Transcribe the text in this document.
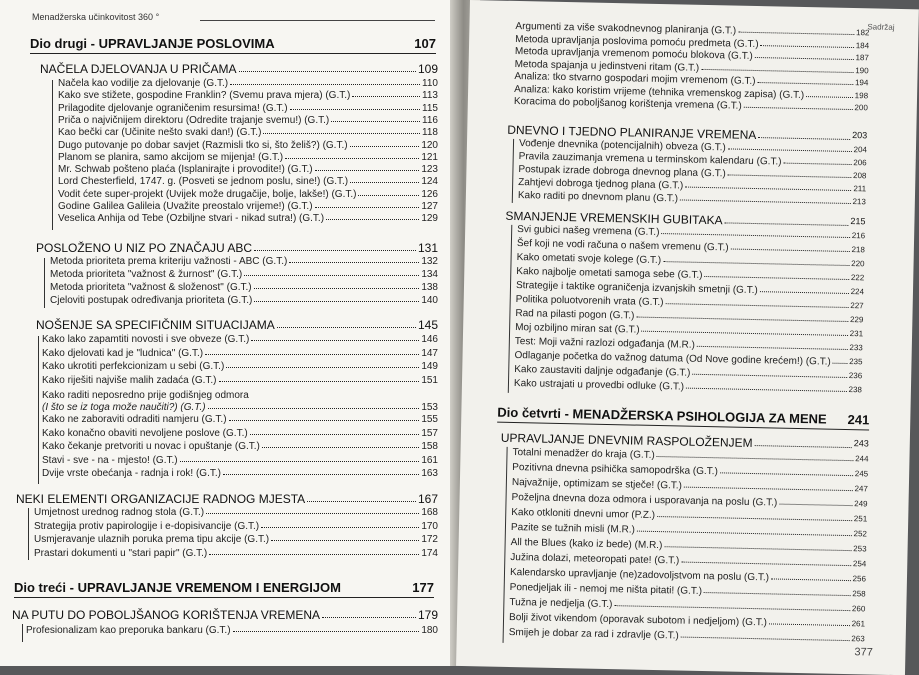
Menadžerska učinkovitost 360 °
Dio drugi - UPRAVLJANJE POSLOVIMA	107
NAČELA DJELOVANJA U PRIČAMA	109
Načela kao vodilje za djelovanje (G.T.)	110
Kako sve stižete, gospodine Franklin? (Svemu prava mjera) (G.T.)	113
Prilagodite djelovanje ograničenim resursima! (G.T.)	115
Priča o najvičnijem direktoru (Odredite trajanje svemu!) (G.T.)	116
Kao bečki car (Učinite nešto svaki dan!) (G.T.)	118
Dugo putovanje po dobar savjet (Razmisli tko si, što želiš?) (G.T.)	120
Planom se planira, samo akcijom se mijenja! (G.T.)	121
Mr. Schwab pošteno plaća (Isplanirajte i provodite!) (G.T.)	123
Lord Chesterfield, 1747. g. (Posveti se jednom poslu, sine!) (G.T.)	124
Vodit ćete super-projekt (Uvijek može drugačije, bolje, lakše!) (G.T.)	126
Godine Galilea Galileia (Uvažite preostalo vrijeme!) (G.T.)	127
Veselica Anhija od Tebe (Ozbiljne stvari - nikad sutra!) (G.T.)	129
POSLOŽENO U NIZ PO ZNAČAJU ABC	131
Metoda prioriteta prema kriteriju važnosti - ABC (G.T.)	132
Metoda prioriteta "važnost & žurnost" (G.T.)	134
Metoda prioriteta "važnost & složenost" (G.T.)	138
Cjeloviti postupak određivanja prioriteta (G.T.)	140
NOŠENJE SA SPECIFIČNIM SITUACIJAMA	145
Kako lako zapamtiti novosti i sve obveze (G.T.)	146
Kako djelovati kad je "ludnica" (G.T.)	147
Kako ukrotiti perfekcionizam u sebi (G.T.)	149
Kako riješiti najviše malih zadaća (G.T.)	151
Kako raditi neposredno prije godišnjeg odmora
(I što se iz toga može naučiti?) (G.T.)	153
Kako ne zaboraviti odraditi namjeru (G.T.)	155
Kako konačno obaviti nevoljene poslove (G.T.)	157
Kako čekanje pretvoriti u novac i opuštanje (G.T.)	158
Stavi - sve - na - mjesto! (G.T.)	161
Dvije vrste obećanja - radnja i rok! (G.T.)	163
NEKI ELEMENTI ORGANIZACIJE RADNOG MJESTA	167
Umjetnost urednog radnog stola (G.T.)	168
Strategija protiv papirologije i e-dopisivancije (G.T.)	170
Usmjeravanje ulaznih poruka prema tipu akcije (G.T.)	172
Prastari dokumenti u "stari papir" (G.T.)	174
Dio treći - UPRAVLJANJE VREMENOM I ENERGIJOM	177
NA PUTU DO POBOLJŠANOG KORIŠTENJA VREMENA	179
Profesionalizam kao preporuka bankaru (G.T.)	180
Sadržaj
Argumenti za više svakodnevnog planiranja (G.T.)	182
Metoda upravljanja poslovima pomoću predmeta (G.T.)	184
Metoda upravljanja vremenom pomoću blokova (G.T.)	187
Metoda spajanja u jedinstveni ritam (G.T.)	190
Analiza: tko stvarno gospodari mojim vremenom (G.T.)	194
Analiza: kako koristim vrijeme (tehnika vremenskog zapisa) (G.T.)	198
Koracima do poboljšanog korištenja vremena (G.T.)	200
DNEVNO I TJEDNO PLANIRANJE VREMENA	203
Vođenje dnevnika (potencijalnih) obveza (G.T.)	204
Pravila zauzimanja vremena u terminskom kalendaru (G.T.)	206
Postupak izrade dobroga dnevnog plana (G.T.)	208
Zahtjevi dobroga tjednog plana (G.T.)	211
Kako raditi po dnevnom planu (G.T.)	213
SMANJENJE VREMENSKIH GUBITAKA	215
Svi gubici našeg vremena (G.T.)	216
Šef koji ne vodi računa o našem vremenu (G.T.)	218
Kako ometati svoje kolege (G.T.)	220
Kako najbolje ometati samoga sebe (G.T.)	222
Strategije i taktike ograničenja izvanjskih smetnji (G.T.)	224
Politika poluotvorenih vrata (G.T.)	227
Rad na pilasti pogon (G.T.)	229
Moj ozbiljno miran sat (G.T.)	231
Test: Moji važni razlozi odgađanja (M.R.)	233
Odlaganje početka do važnog datuma (Od Nove godine krećem!) (G.T.) 235
Kako zaustaviti daljnje odgađanje (G.T.)	236
Kako ustrajati u provedbi odluke (G.T.)	238
Dio četvrti - MENADŽERSKA PSIHOLOGIJA ZA MENE 241
UPRAVLJANJE DNEVNIM RASPOLOŽENJEM	243
Totalni menadžer do kraja (G.T.)	244
Pozitivna dnevna psihička samopodrška (G.T.)	245
Najvažnije, optimizam se stječe! (G.T.)	247
Poželjna dnevna doza odmora i usporavanja na poslu (G.T.)	249
Kako otkloniti dnevni umor (P.Z.)	251
Pazite se tužnih misli (M.R.)	252
All the Blues (kako iz bede) (M.R.)	253
Južina dolazi, meteoropati pate! (G.T.)	254
Kalendarsko upravljanje (ne)zadovoljstvom na poslu (G.T.)	256
Ponedjeljak ili - nemoj me ništa pitati! (G.T.)	258
Tužna je nedjelja (G.T.)	260
Bolji život vikendom (oporavak subotom i nedjeljom) (G.T.)	261
Smijeh je dobar za rad i zdravlje (G.T.)	263
377
